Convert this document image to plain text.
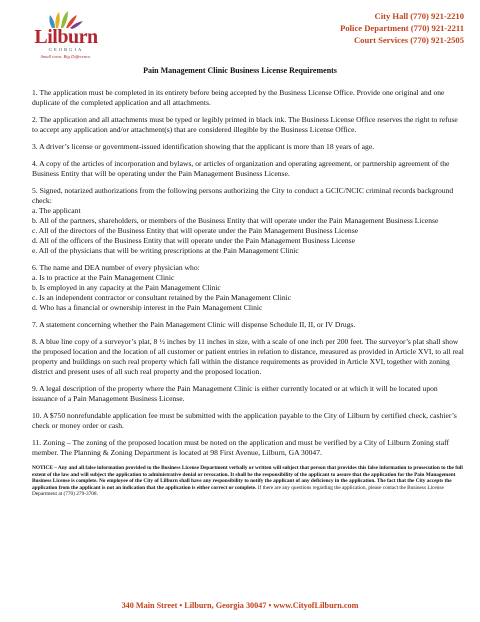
Lilburn
GEORGIA
Small town. Big Difference.
City Hall (770) 921-2210
Police Department (770) 921-2211
Court Services (770) 921-2505
Pain Management Clinic Business License Requirements

1. The application must be completed in its entirety before being accepted by the Business License Office. Provide one original and one duplicate of the completed application and all attachments.

2. The application and all attachments must be typed or legibly printed in black ink. The Business License Office reserves the right to refuse to accept any application and/or attachment(s) that are considered illegible by the Business License Office.

3. A driver’s license or government-issued identification showing that the applicant is more than 18 years of age.

4. A copy of the articles of incorporation and bylaws, or articles of organization and operating agreement, or partnership agreement of the Business Entity that will be operating under the Pain Management Business License.

5. Signed, notarized authorizations from the following persons authorizing the City to conduct a GCIC/NCIC criminal records background check:
a. The applicant
b. All of the partners, shareholders, or members of the Business Entity that will operate under the Pain Management Business License
c. All of the directors of the Business Entity that will operate under the Pain Management Business License
d. All of the officers of the Business Entity that will operate under the Pain Management Business License
e. All of the physicians that will be writing prescriptions at the Pain Management Clinic

6. The name and DEA number of every physician who:
a. Is to practice at the Pain Management Clinic
b. Is employed in any capacity at the Pain Management Clinic
c. Is an independent contractor or consultant retained by the Pain Management Clinic
d. Who has a financial or ownership interest in the Pain Management Clinic

7. A statement concerning whether the Pain Management Clinic will dispense Schedule II, II, or IV Drugs.

8. A blue line copy of a surveyor’s plat, 8 ½ inches by 11 inches in size, with a scale of one inch per 200 feet. The surveyor’s plat shall show the proposed location and the location of all customer or patient entries in relation to distance, measured as provided in Article XVI, to all real property and buildings on such real property which fall within the distance requirements as provided in Article XVI, together with zoning district and present uses of all such real property and the proposed location.

9. A legal description of the property where the Pain Management Clinic is either currently located or at which it will be located upon issuance of a Pain Management Business License.

10. A $750 nonrefundable application fee must be submitted with the application payable to the City of Lilburn by certified check, cashier’s check or money order or cash.

11. Zoning – The zoning of the proposed location must be noted on the application and must be verified by a City of Lilburn Zoning staff member. The Planning & Zoning Department is located at 98 First Avenue, Lilburn, GA 30047.

NOTICE – Any and all false information provided to the Business License Department verbally or written will subject that person that provides this false information to prosecution to the full extent of the law and will subject the application to administrative denial or revocation. It shall be the responsibility of the applicant to assure that the application for the Pain Management Business License is complete. No employee of the City of Lilburn shall have any responsibility to notify the applicant of any deficiency in the application. The fact that the City accepts the application from the applicant is not an indication that the application is either correct or complete. If there are any questions regarding the application, please contact the Business License Department at (770) 279-3708.

340 Main Street • Lilburn, Georgia 30047 • www.CityofLilburn.com
